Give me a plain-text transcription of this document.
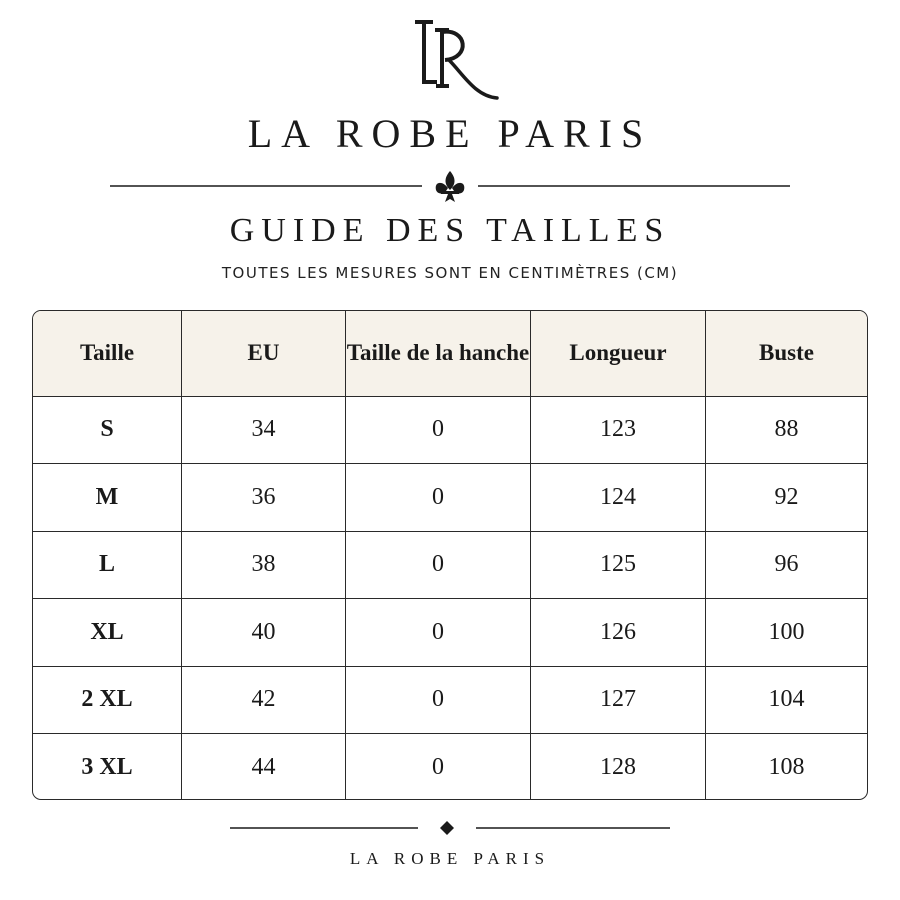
LA ROBE PARIS
GUIDE DES TAILLES
TOUTES LES MESURES SONT EN CENTIMÈTRES (CM)
Taille	EU	Taille de la hanche	Longueur	Buste
S	34	0	123	88
M	36	0	124	92
L	38	0	125	96
XL	40	0	126	100
2 XL	42	0	127	104
3 XL	44	0	128	108
LA ROBE PARIS
